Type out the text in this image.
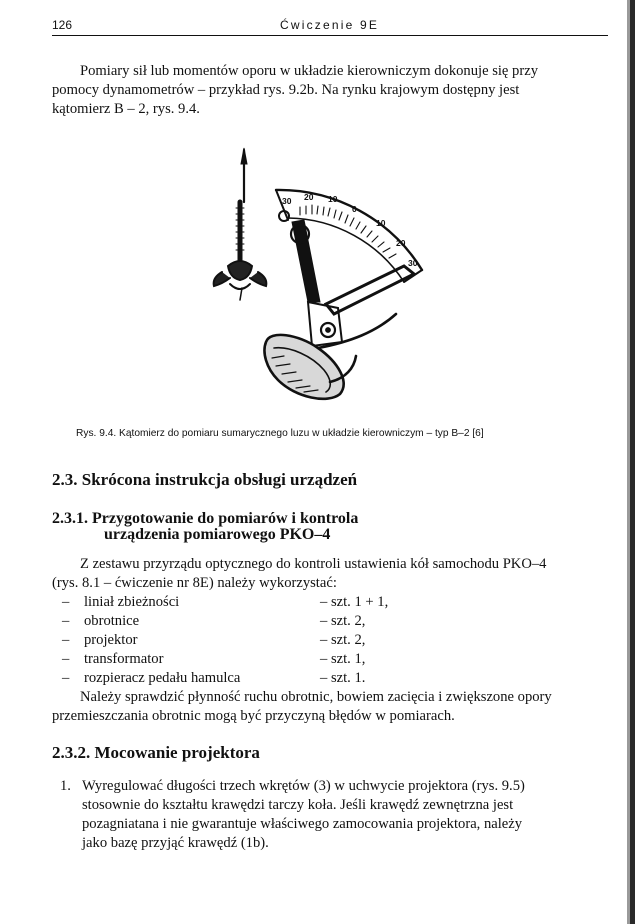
126	Ćwiczenie 9E

Pomiary sił lub momentów oporu w układzie kierowniczym dokonuje się przy
pomocy dynamometrów – przykład rys. 9.2b. Na rynku krajowym dostępny jest
kątomierz B – 2, rys. 9.4.

30 20 10
0
10
20
30
Rys. 9.4. Kątomierz do pomiaru sumarycznego luzu w układzie kierowniczym – typ B–2 [6]
2.3. Skrócona instrukcja obsługi urządzeń
2.3.1. Przygotowanie do pomiarów i kontrola
urządzenia pomiarowego PKO–4

Z zestawu przyrządu optycznego do kontroli ustawienia kół samochodu PKO–4
(rys. 8.1 – ćwiczenie nr 8E) należy wykorzystać:

– liniał zbieżności	– szt. 1 + 1,
– obrotnice	– szt. 2,
– projektor	– szt. 2,
– transformator	– szt. 1,
– rozpieracz pedału hamulca	– szt. 1.

Należy sprawdzić płynność ruchu obrotnic, bowiem zacięcia i zwiększone opory
przemieszczania obrotnic mogą być przyczyną błędów w pomiarach.

2.3.2. Mocowanie projektora
1. Wyregulować długości trzech wkrętów (3) w uchwycie projektora (rys. 9.5)
stosownie do kształtu krawędzi tarczy koła. Jeśli krawędź zewnętrzna jest
pozagniatana i nie gwarantuje właściwego zamocowania projektora, należy
jako bazę przyjąć krawędź (1b).
